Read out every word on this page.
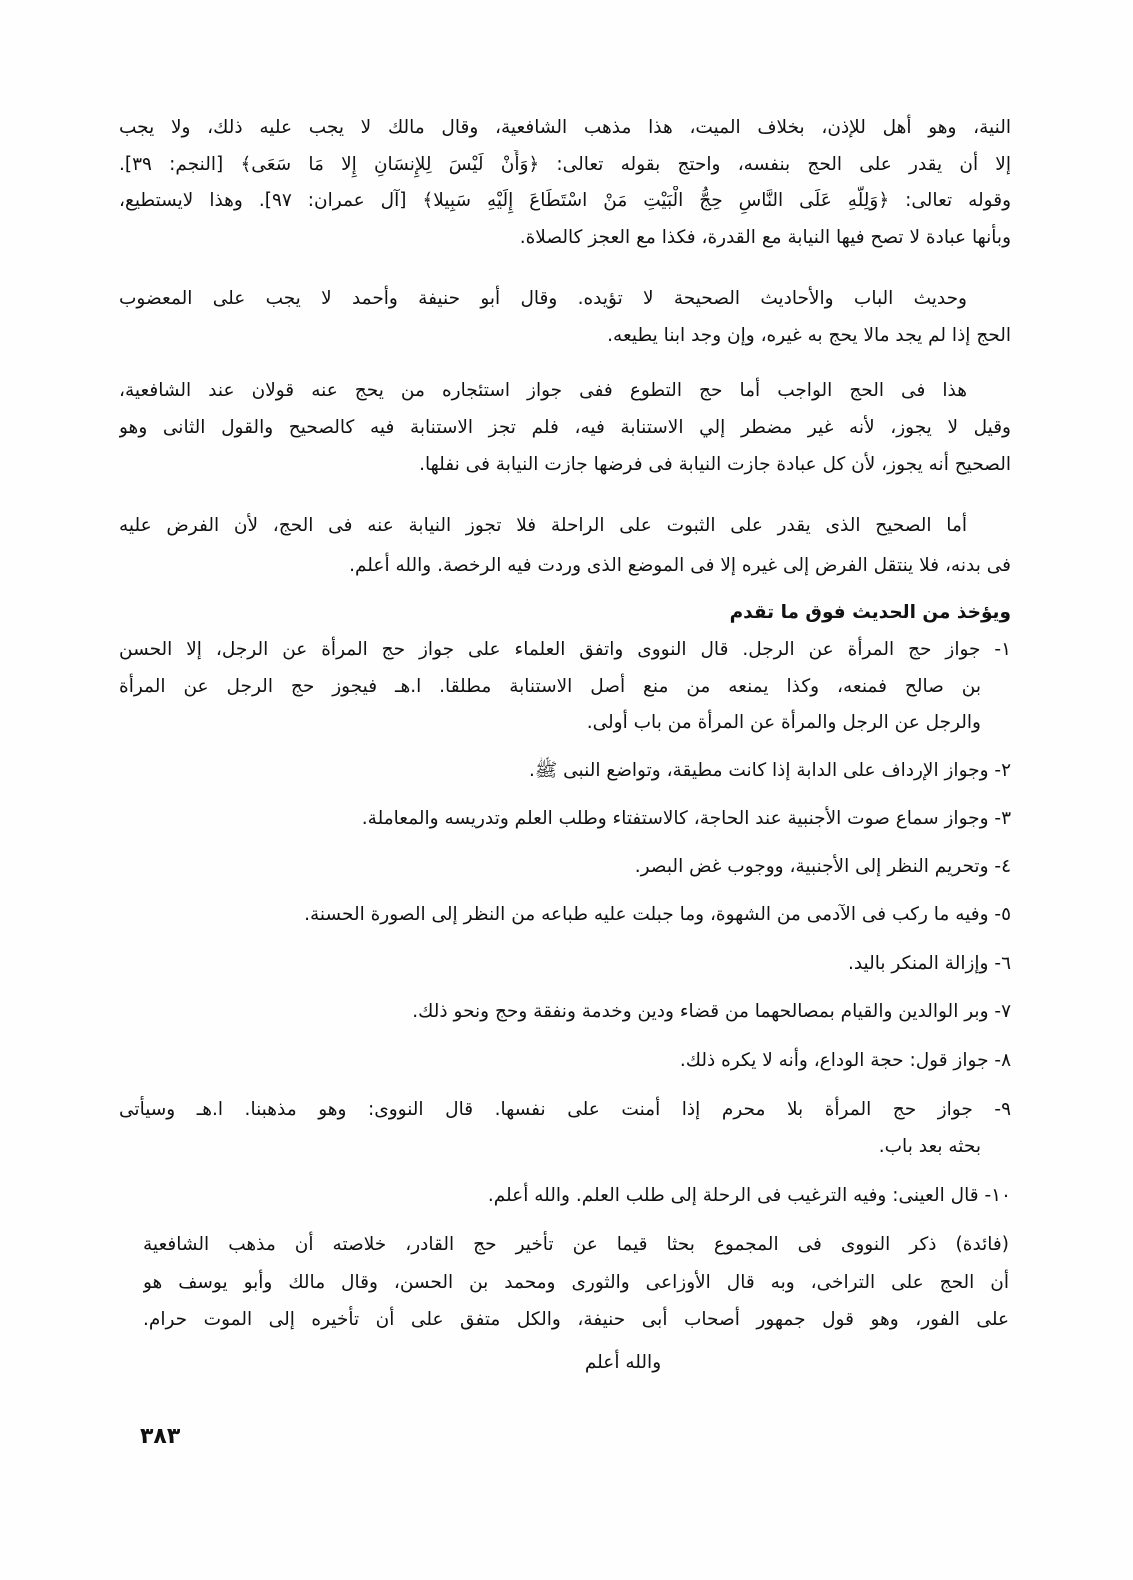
النية، وهو أهل للإذن، بخلاف الميت، هذا مذهب الشافعية، وقال مالك لا يجب عليه ذلك، ولا يجب
إلا أن يقدر على الحج بنفسه، واحتج بقوله تعالى: ﴿وَأَنْ لَيْسَ لِلإِنسَانِ إِلا مَا سَعَى﴾ [النجم: ٣٩].
وقوله تعالى: ﴿وَلِلَّهِ عَلَى النَّاسِ حِجُّ الْبَيْتِ مَنْ اسْتَطَاعَ إِلَيْهِ سَبِيلا﴾ [آل عمران: ٩٧]. وهذا لايستطيع،
وبأنها عبادة لا تصح فيها النيابة مع القدرة، فكذا مع العجز كالصلاة.
وحديث الباب والأحاديث الصحيحة لا تؤيده. وقال أبو حنيفة وأحمد لا يجب على المعضوب
الحج إذا لم يجد مالا يحج به غيره، وإن وجد ابنا يطيعه.
هذا فى الحج الواجب أما حج التطوع ففى جواز استئجاره من يحج عنه قولان عند الشافعية،
وقيل لا يجوز، لأنه غير مضطر إلي الاستنابة فيه، فلم تجز الاستنابة فيه كالصحيح والقول الثانى وهو
الصحيح أنه يجوز، لأن كل عبادة جازت النيابة فى فرضها جازت النيابة فى نفلها.
أما الصحيح الذى يقدر على الثبوت على الراحلة فلا تجوز النيابة عنه فى الحج، لأن الفرض عليه
فى بدنه، فلا ينتقل الفرض إلى غيره إلا فى الموضع الذى وردت فيه الرخصة. والله أعلم.
ويؤخذ من الحديث فوق ما تقدم
١- جواز حج المرأة عن الرجل. قال النووى واتفق العلماء على جواز حج المرأة عن الرجل، إلا الحسن
بن صالح فمنعه، وكذا يمنعه من منع أصل الاستنابة مطلقا. ا.هـ فيجوز حج الرجل عن المرأة
والرجل عن الرجل والمرأة عن المرأة من باب أولى.
٢- وجواز الإرداف على الدابة إذا كانت مطيقة، وتواضع النبى ﷺ.
٣- وجواز سماع صوت الأجنبية عند الحاجة، كالاستفتاء وطلب العلم وتدريسه والمعاملة.
٤- وتحريم النظر إلى الأجنبية، ووجوب غض البصر.
٥- وفيه ما ركب فى الآدمى من الشهوة، وما جبلت عليه طباعه من النظر إلى الصورة الحسنة.
٦- وإزالة المنكر باليد.
٧- وبر الوالدين والقيام بمصالحهما من قضاء ودين وخدمة ونفقة وحج ونحو ذلك.
٨- جواز قول: حجة الوداع، وأنه لا يكره ذلك.
٩- جواز حج المرأة بلا محرم إذا أمنت على نفسها. قال النووى: وهو مذهبنا. ا.هـ وسيأتى
بحثه بعد باب.
١٠- قال العينى: وفيه الترغيب فى الرحلة إلى طلب العلم. والله أعلم.
(فائدة) ذكر النووى فى المجموع بحثا قيما عن تأخير حج القادر، خلاصته أن مذهب الشافعية
أن الحج على التراخى، وبه قال الأوزاعى والثورى ومحمد بن الحسن، وقال مالك وأبو يوسف هو
على الفور، وهو قول جمهور أصحاب أبى حنيفة، والكل متفق على أن تأخيره إلى الموت حرام.
والله أعلم
٣٨٣
